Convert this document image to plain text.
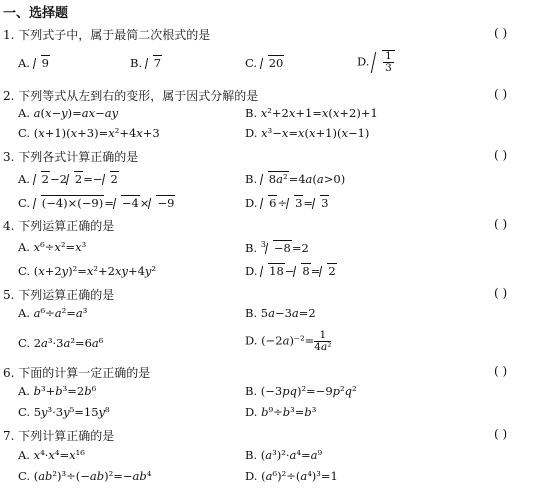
一、选择题
1. 下列式子中，属于最简二次根式的是	( )
A. 9	B. 7	C. 20	D. $\frac{1}{3}$
2. 下列等式从左到右的变形，属于因式分解的是	( )
A. a(x−y)=ax−ay	B. x²+2x+1=x(x+2)+1
C. (x+1)(x+3)=x²+4x+3	D. x³−x=x(x+1)(x−1)
3. 下列各式计算正确的是	( )
A. 2−2 2=− 2	B. 8a²=4a(a>0)
C. (−4)×(−9)= −4× −9	D. 6÷ 3= 3
4. 下列运算正确的是	( )
A. x⁶÷x²=x³	B. $^3$ −8=2
C. (x+2y)²=x²+2xy+4y²	D. 18− 8= 2
5. 下列运算正确的是	( )
A. a⁶÷a²=a³	B. 5a−3a=2
C. 2a³·3a²=6a⁶	D. $(-2a)^{-2}= \frac{1}{\text{4a²}}$
6. 下面的计算一定正确的是	( )
A. b³+b³=2b⁶	B. (−3pq)²=−9p²q²
C. 5y³·3y⁵=15y⁸	D. b⁹÷b³=b³
7. 下列计算正确的是	( )
A. x⁴·x⁴=x¹⁶	B. (a³)²·a⁴=a⁹
C. (ab²)³÷(−ab)²=−ab⁴	D. (a⁶)²÷(a⁴)³=1
